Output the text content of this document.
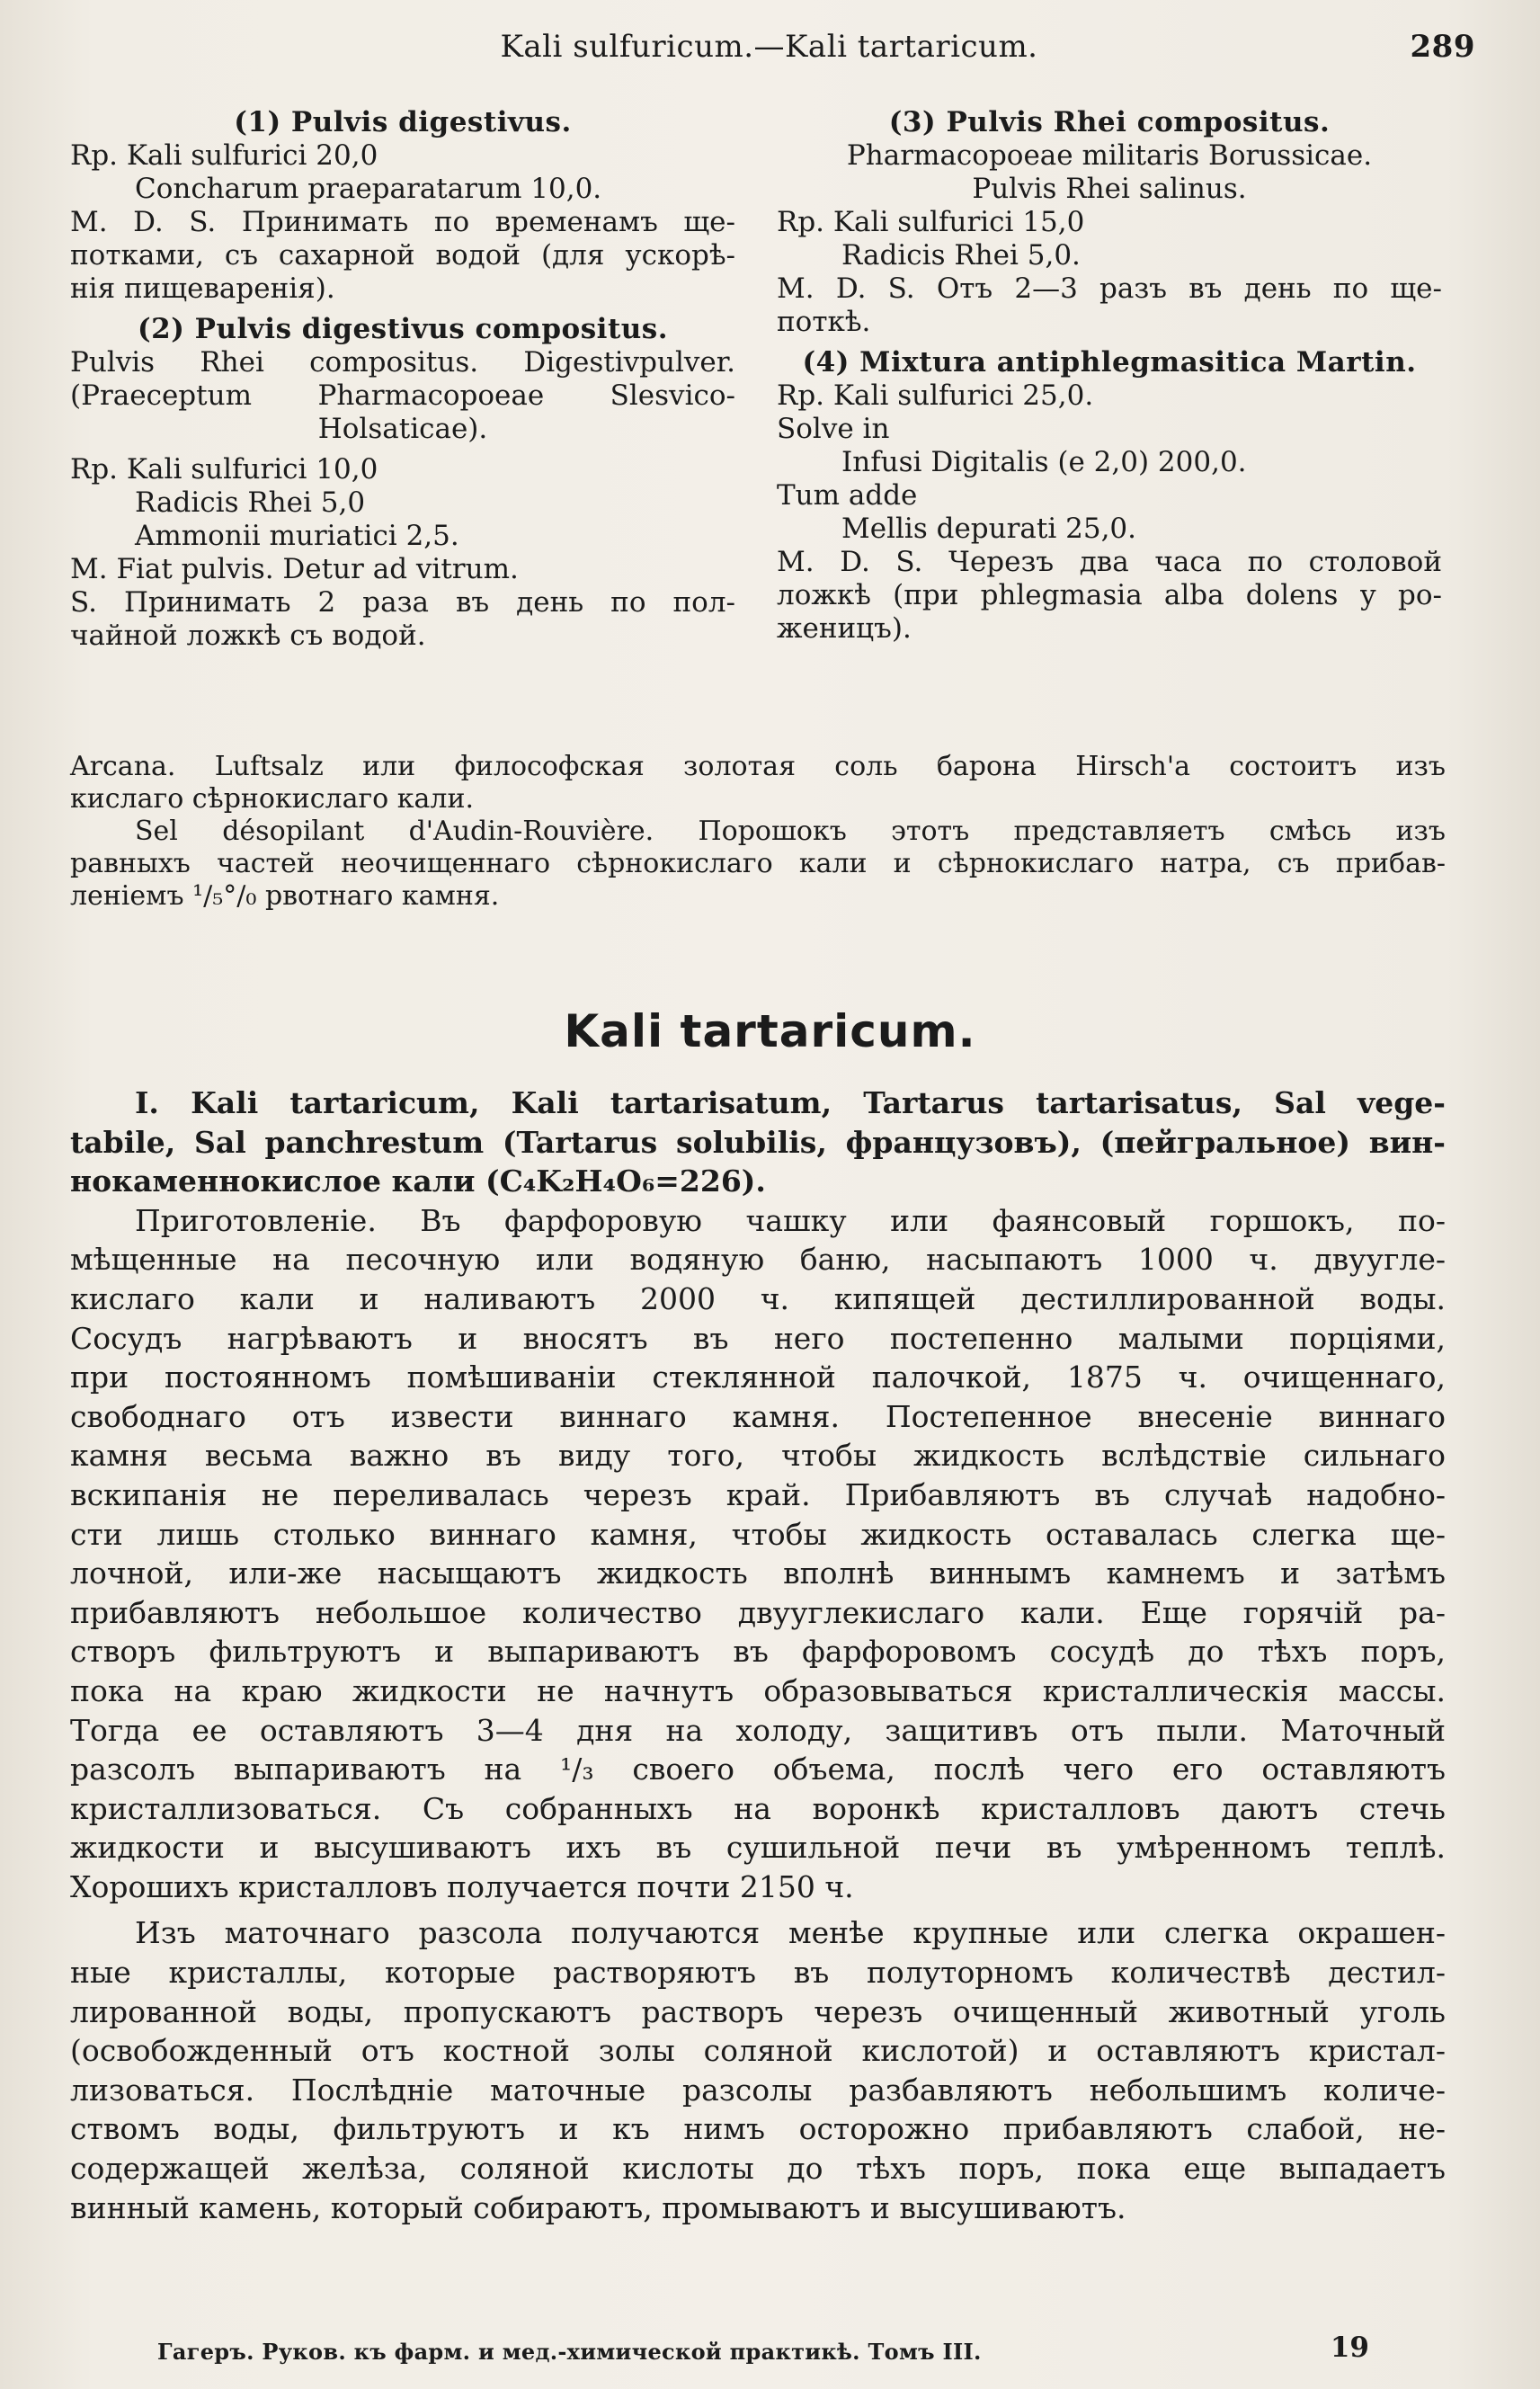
Kali sulfuricum.—Kali tartaricum.	289
(1) Pulvis digestivus.
Rp. Kali sulfurici 20,0
Concharum praeparatarum 10,0.
M. D. S. Принимать по временамъ ще-
потками, съ сахарной водой (для ускорѣ-
нія пищеваренія).
(2) Pulvis digestivus compositus.
Pulvis Rhei compositus. Digestivpulver.
(Praeceptum Pharmacopoeae Slesvico-
Holsaticae).
Rp. Kali sulfurici 10,0
Radicis Rhei 5,0
Ammonii muriatici 2,5.
M. Fiat pulvis. Detur ad vitrum.
S. Принимать 2 раза въ день по пол-
чайной ложкѣ съ водой.
(3) Pulvis Rhei compositus.
Pharmacopoeae militaris Borussicae.
Pulvis Rhei salinus.
Rp. Kali sulfurici 15,0
Radicis Rhei 5,0.
M. D. S. Отъ 2—3 разъ въ день по ще-
поткѣ.
(4) Mixtura antiphlegmasitica Martin.
Rp. Kali sulfurici 25,0.
Solve in
Infusi Digitalis (e 2,0) 200,0.
Tum adde
Mellis depurati 25,0.
M. D. S. Черезъ два часа по столовой
ложкѣ (при phlegmasia alba dolens у ро-
женицъ).
Arcana. Luftsalz или философская золотая соль барона Hirsch'а состоитъ изъ
кислаго сѣрнокислаго кали.
Sel désopilant d'Audin-Rouvière. Порошокъ этотъ представляетъ смѣсь изъ
равныхъ частей неочищеннаго сѣрнокислаго кали и сѣрнокислаго натра, съ прибав-
леніемъ ¹/₅°/₀ рвотнаго камня.
Kali tartaricum.
I. Kali tartaricum, Kali tartarisatum, Tartarus tartarisatus, Sal vege-
tabile, Sal panchrestum (Tartarus solubilis, французовъ), (пейгральное) вин-
нокаменнокислое кали (C₄K₂H₄O₆=226).
Приготовленіе. Въ фарфоровую чашку или фаянсовый горшокъ, по-
мѣщенные на песочную или водяную баню, насыпаютъ 1000 ч. двуугле-
кислаго кали и наливаютъ 2000 ч. кипящей дестиллированной воды.
Сосудъ нагрѣваютъ и вносятъ въ него постепенно малыми порціями,
при постоянномъ помѣшиваніи стеклянной палочкой, 1875 ч. очищеннаго,
свободнаго отъ извести виннаго камня. Постепенное внесеніе виннаго
камня весьма важно въ виду того, чтобы жидкость вслѣдствіе сильнаго
вскипанія не переливалась черезъ край. Прибавляютъ въ случаѣ надобно-
сти лишь столько виннаго камня, чтобы жидкость оставалась слегка ще-
лочной, или-же насыщаютъ жидкость вполнѣ виннымъ камнемъ и затѣмъ
прибавляютъ небольшое количество двууглекислаго кали. Еще горячій ра-
створъ фильтруютъ и выпариваютъ въ фарфоровомъ сосудѣ до тѣхъ поръ,
пока на краю жидкости не начнутъ образовываться кристаллическія массы.
Тогда ее оставляютъ 3—4 дня на холоду, защитивъ отъ пыли. Маточный
разсолъ выпариваютъ на ¹/₃ своего объема, послѣ чего его оставляютъ
кристаллизоваться. Съ собранныхъ на воронкѣ кристалловъ даютъ стечь
жидкости и высушиваютъ ихъ въ сушильной печи въ умѣренномъ теплѣ.
Хорошихъ кристалловъ получается почти 2150 ч.
Изъ маточнаго разсола получаются менѣе крупные или слегка окрашен-
ные кристаллы, которые растворяютъ въ полуторномъ количествѣ дестил-
лированной воды, пропускаютъ растворъ черезъ очищенный животный уголь
(освобожденный отъ костной золы соляной кислотой) и оставляютъ кристал-
лизоваться. Послѣдніе маточные разсолы разбавляютъ небольшимъ количе-
ствомъ воды, фильтруютъ и къ нимъ осторожно прибавляютъ слабой, не-
содержащей желѣза, соляной кислоты до тѣхъ поръ, пока еще выпадаетъ
винный камень, который собираютъ, промываютъ и высушиваютъ.
Гагеръ. Руков. къ фарм. и мед.-химической практикѣ. Томъ III.	19
